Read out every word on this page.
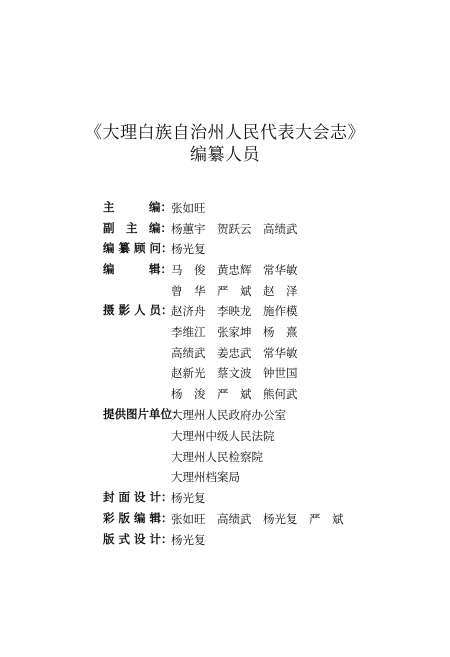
《大理白族自治州人民代表大会志》
编纂人员
主　　　编： 张如旺
副　主　编： 杨蕙宇　贺跃云　高绩武
编 纂 顾 问：
杨光复
编　　　辑： 马　俊　黄忠辉　常华敏
曾　华　严　斌　赵　泽
摄 影 人 员：
赵济舟　李映龙　施作模
李维江　张家坤　杨　熹
高绩武　姜忠武　常华敏
赵新光　蔡文波　钟世国
杨　浚　严　斌　熊何武
提供图片单位：
大理州人民政府办公室
大理州中级人民法院
大理州人民检察院
大理州档案局
封 面 设 计：
杨光复
彩 版 编 辑：
张如旺　高绩武　杨光复　严　斌
版 式 设 计：
杨光复
